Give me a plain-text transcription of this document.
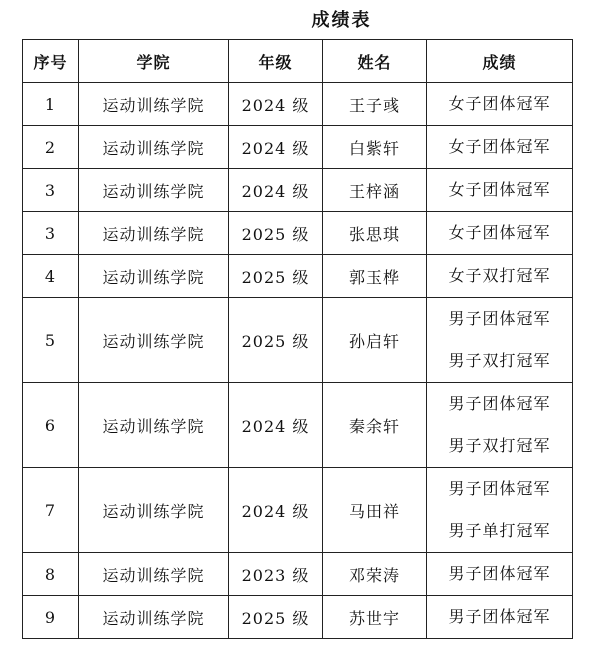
成绩表
序号	学院	年级	姓名	成绩
1	运动训练学院	2024 级	王子彧	女子团体冠军

2	运动训练学院	2024 级	白紫轩	女子团体冠军

3	运动训练学院	2024 级	王梓涵	女子团体冠军

3	运动训练学院	2025 级	张思琪	女子团体冠军

4	运动训练学院	2025 级	郭玉桦	女子双打冠军

5	运动训练学院	2025 级	孙启轩	男子团体冠军
男子双打冠军

6	运动训练学院	2024 级	秦余轩	男子团体冠军
男子双打冠军

7	运动训练学院	2024 级	马田祥	男子团体冠军
男子单打冠军

8	运动训练学院	2023 级	邓荣涛	男子团体冠军

9	运动训练学院	2025 级	苏世宇	男子团体冠军
